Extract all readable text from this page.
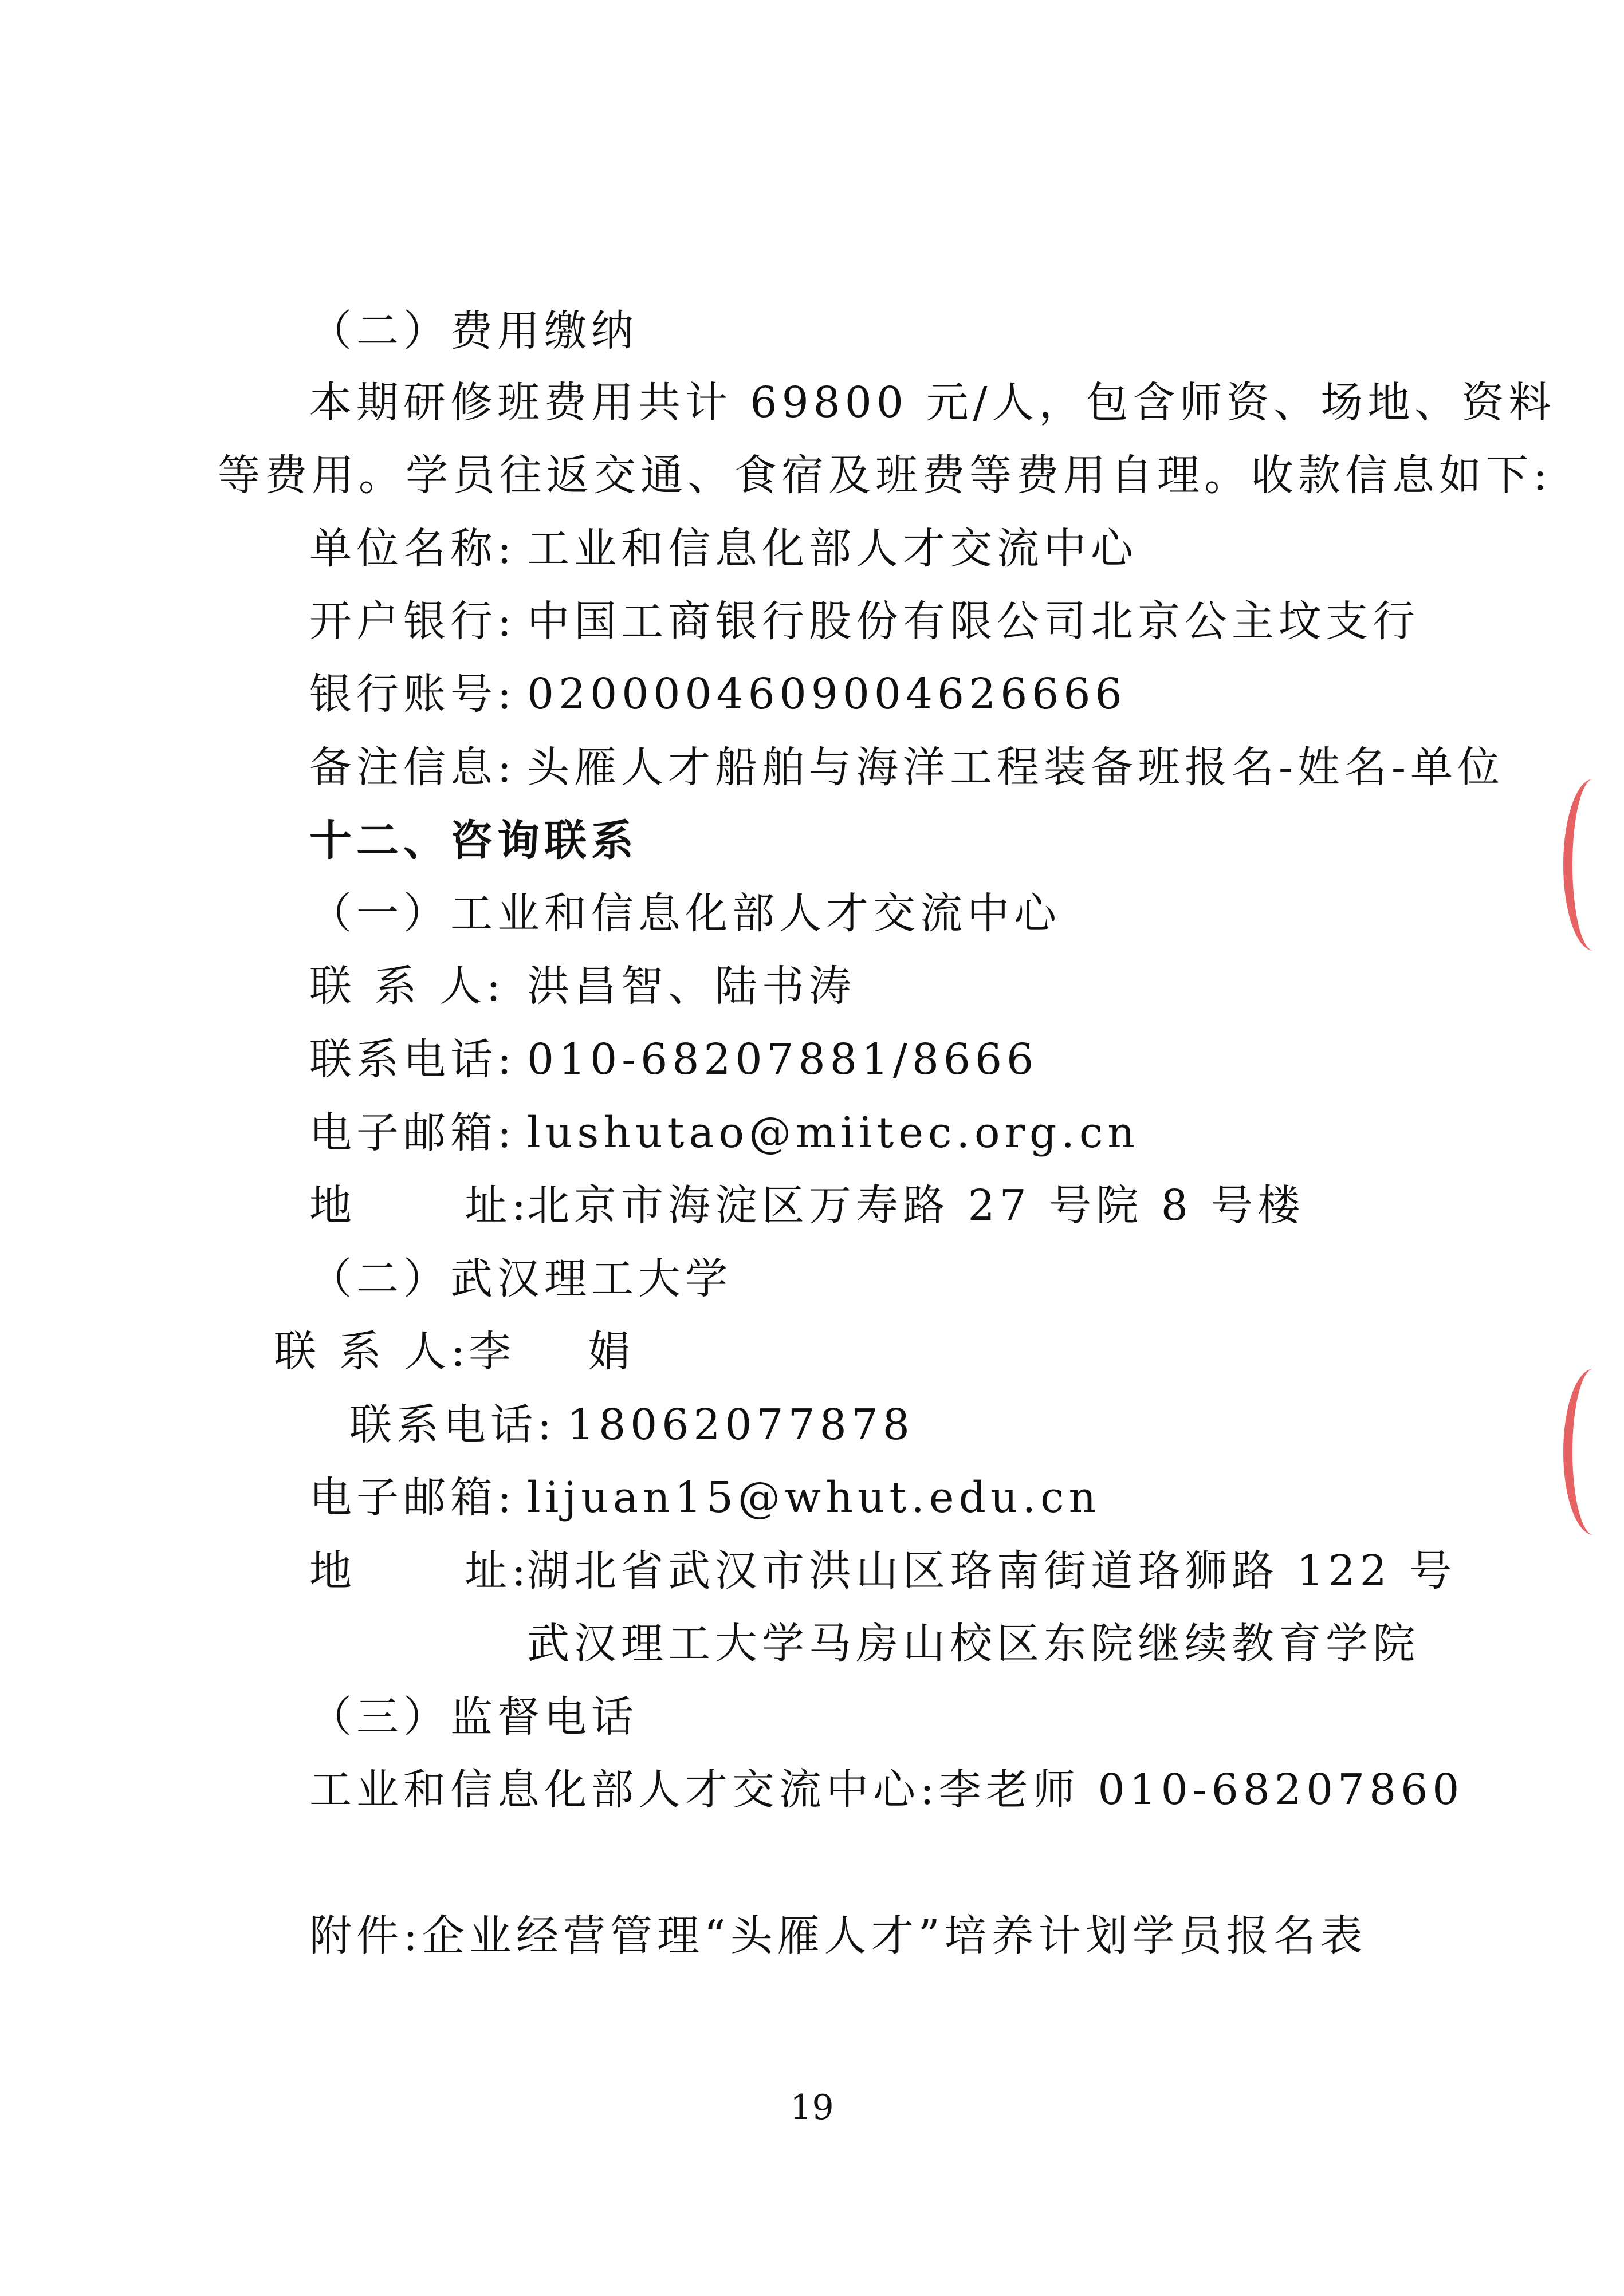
（二）费用缴纳

本期研修班费用共计 69800 元/人，包含师资、场地、资料

等费用。学员往返交通、食宿及班费等费用自理。收款信息如下:

单位名称: 工业和信息化部人才交流中心

开户银行: 中国工商银行股份有限公司北京公主坟支行

银行账号: 0200004609004626666

备注信息: 头雁人才船舶与海洋工程装备班报名-姓名-单位

十二、咨询联系

（一）工业和信息化部人才交流中心

联 系 人: 洪昌智、陆书涛

联系电话: 010-68207881/8666

电子邮箱: lushutao@miitec.org.cn

地      址:北京市海淀区万寿路 27 号院 8 号楼

（二）武汉理工大学

联 系 人:李    娟

联系电话: 18062077878

电子邮箱: lijuan15@whut.edu.cn

地      址:湖北省武汉市洪山区珞南街道珞狮路 122 号

武汉理工大学马房山校区东院继续教育学院

（三）监督电话

工业和信息化部人才交流中心:李老师 010-68207860

附件:企业经营管理“头雁人才”培养计划学员报名表

19
